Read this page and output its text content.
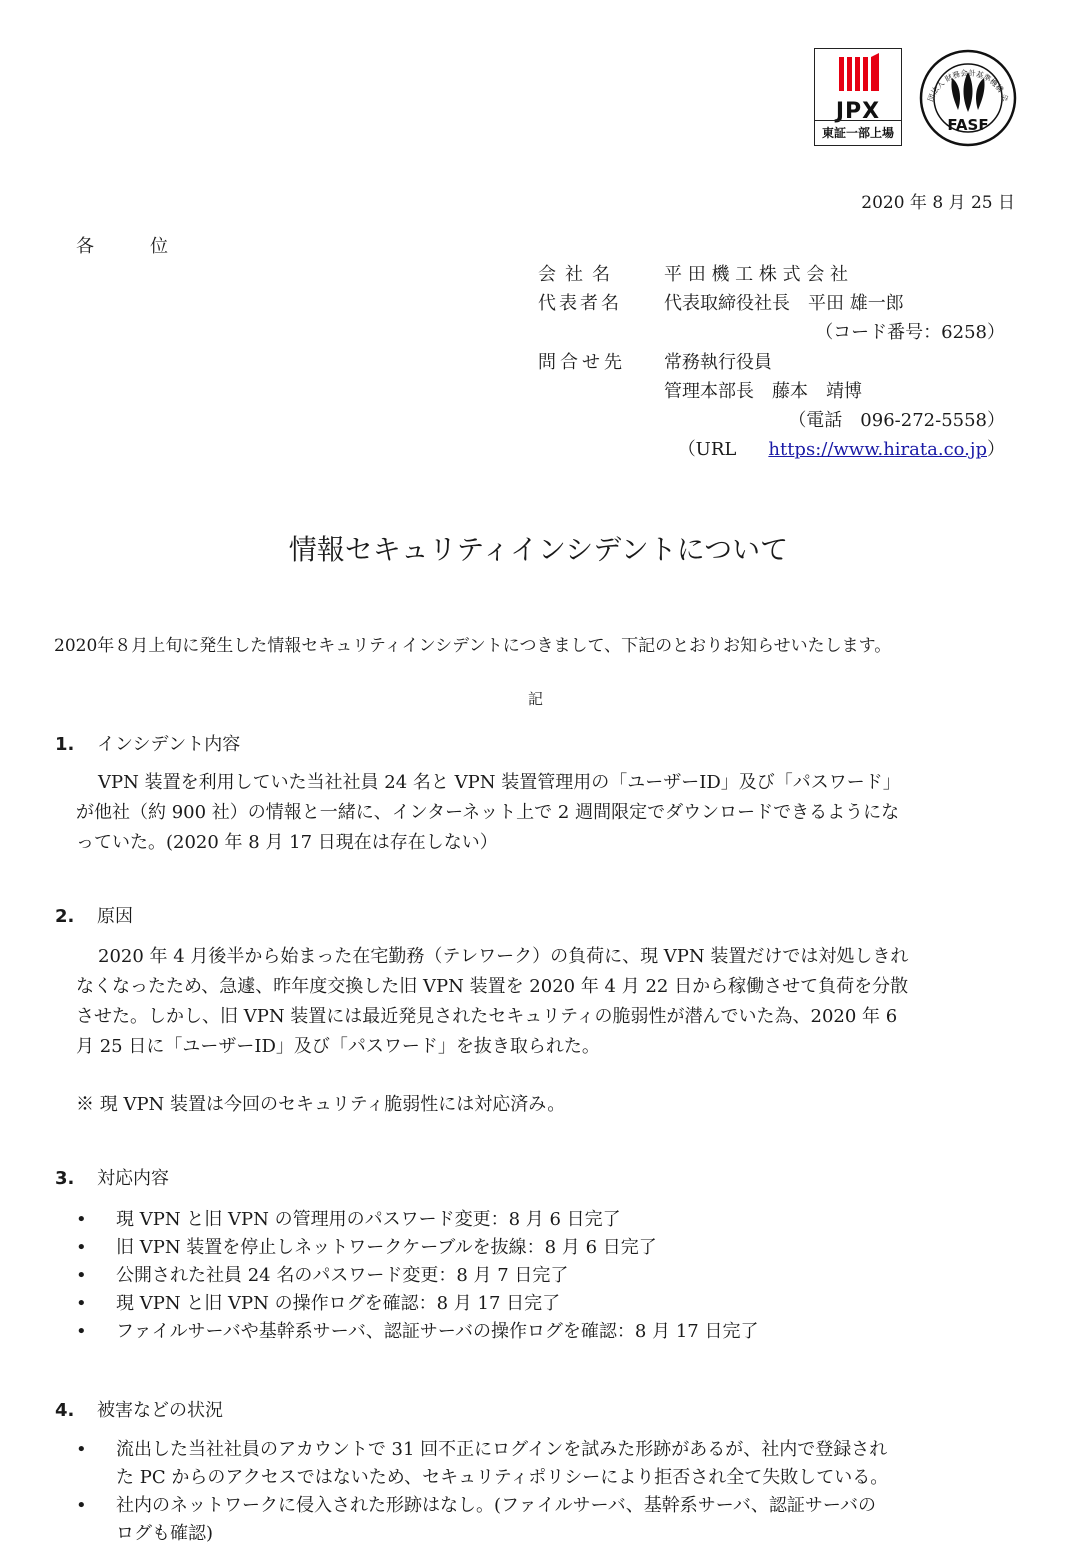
JPX
東証一部上場	FASF
団法人 財務会計基準機構 会
2020 年 8 月 25 日
各位
会社名	平 田 機 工 株 式 会 社
代表者名 代表取締役社長　平田 雄一郎
（コード番号：6258）
問合せ先 常務執行役員
管理本部長　藤本　靖博
（電話　096-272-5558）
（URL https://www.hirata.co.jp）
情報セキュリティインシデントについて
2020年８月上旬に発生した情報セキュリティインシデントにつきまして、下記のとおりお知らせいたします。
記
1. インシデント内容
VPN 装置を利用していた当社社員 24 名と VPN 装置管理用の「ユーザーID」及び「パスワード」
が他社（約 900 社）の情報と一緒に、インターネット上で 2 週間限定でダウンロードできるようにな
っていた。(2020 年 8 月 17 日現在は存在しない）
2. 原因
2020 年 4 月後半から始まった在宅勤務（テレワーク）の負荷に、現 VPN 装置だけでは対処しきれ
なくなったため、急遽、昨年度交換した旧 VPN 装置を 2020 年 4 月 22 日から稼働させて負荷を分散
させた。しかし、旧 VPN 装置には最近発見されたセキュリティの脆弱性が潜んでいた為、2020 年 6
月 25 日に「ユーザーID」及び「パスワード」を抜き取られた。
※ 現 VPN 装置は今回のセキュリティ脆弱性には対応済み。
3. 対応内容
• 現 VPN と旧 VPN の管理用のパスワード変更：8 月 6 日完了
• 旧 VPN 装置を停止しネットワークケーブルを抜線：8 月 6 日完了
• 公開された社員 24 名のパスワード変更：8 月 7 日完了
• 現 VPN と旧 VPN の操作ログを確認：8 月 17 日完了
• ファイルサーバや基幹系サーバ、認証サーバの操作ログを確認：8 月 17 日完了
4. 被害などの状況
• 流出した当社社員のアカウントで 31 回不正にログインを試みた形跡があるが、社内で登録され
た PC からのアクセスではないため、セキュリティポリシーにより拒否され全て失敗している。
• 社内のネットワークに侵入された形跡はなし。(ファイルサーバ、基幹系サーバ、認証サーバの
ログも確認)
